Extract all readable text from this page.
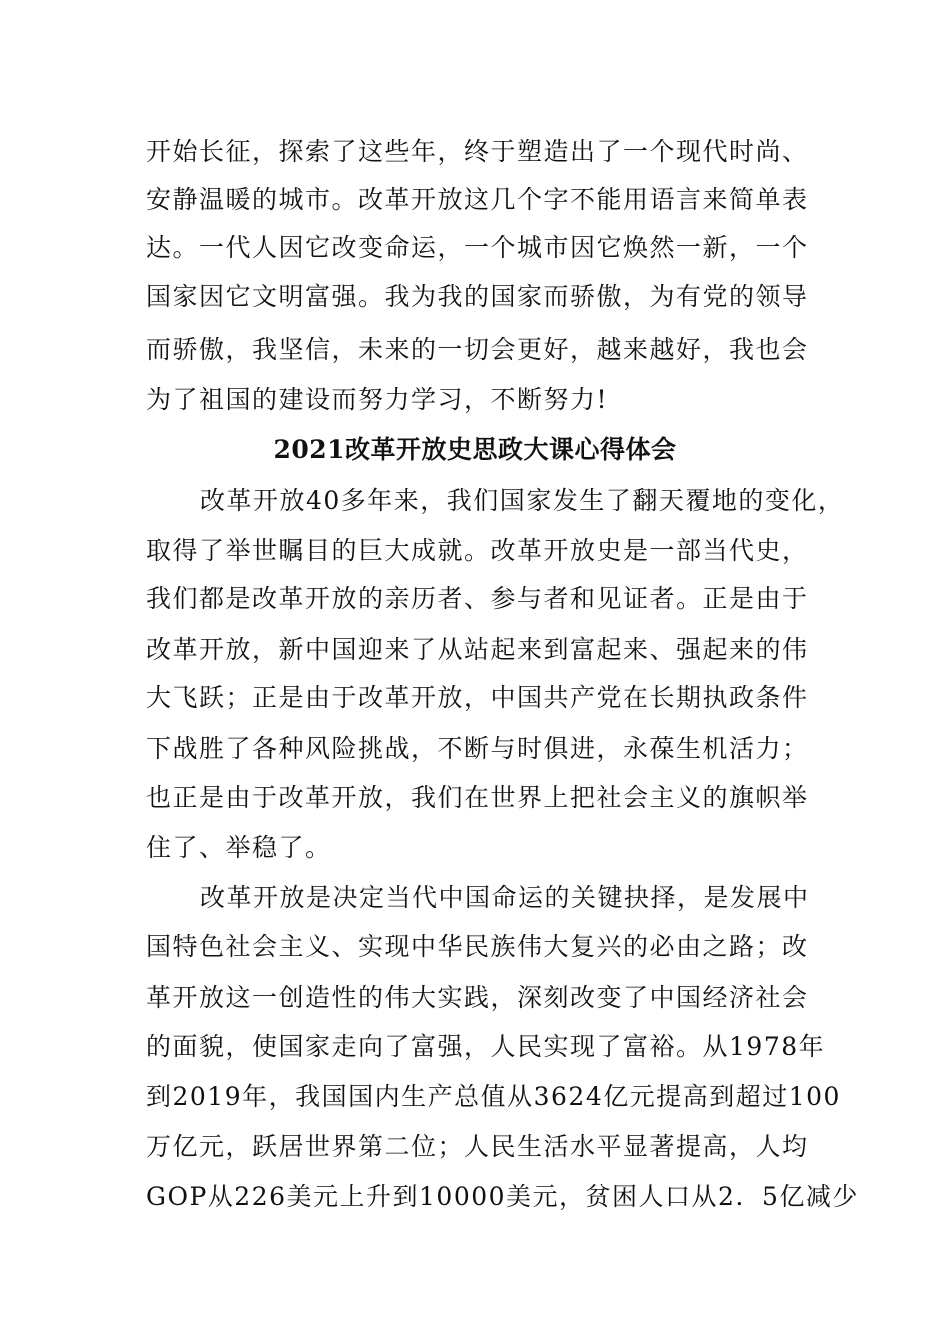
开始长征，探索了这些年，终于塑造出了一个现代时尚、
安静温暖的城市。改革开放这几个字不能用语言来简单表
达。一代人因它改变命运，一个城市因它焕然一新，一个
国家因它文明富强。我为我的国家而骄傲，为有党的领导
而骄傲，我坚信，未来的一切会更好，越来越好，我也会
为了祖国的建设而努力学习，不断努力!
2021改革开放史思政大课心得体会
改革开放40多年来，我们国家发生了翻天覆地的变化，
取得了举世瞩目的巨大成就。改革开放史是一部当代史，
我们都是改革开放的亲历者、参与者和见证者。正是由于
改革开放，新中国迎来了从站起来到富起来、强起来的伟
大飞跃；正是由于改革开放，中国共产党在长期执政条件
下战胜了各种风险挑战，不断与时俱进，永葆生机活力；
也正是由于改革开放，我们在世界上把社会主义的旗帜举
住了、举稳了。
改革开放是决定当代中国命运的关键抉择，是发展中
国特色社会主义、实现中华民族伟大复兴的必由之路；改
革开放这一创造性的伟大实践，深刻改变了中国经济社会
的面貌，使国家走向了富强，人民实现了富裕。从1978年
到2019年，我国国内生产总值从3624亿元提高到超过100
万亿元，跃居世界第二位；人民生活水平显著提高，人均
GOP从226美元上升到10000美元，贫困人口从2．5亿减少
